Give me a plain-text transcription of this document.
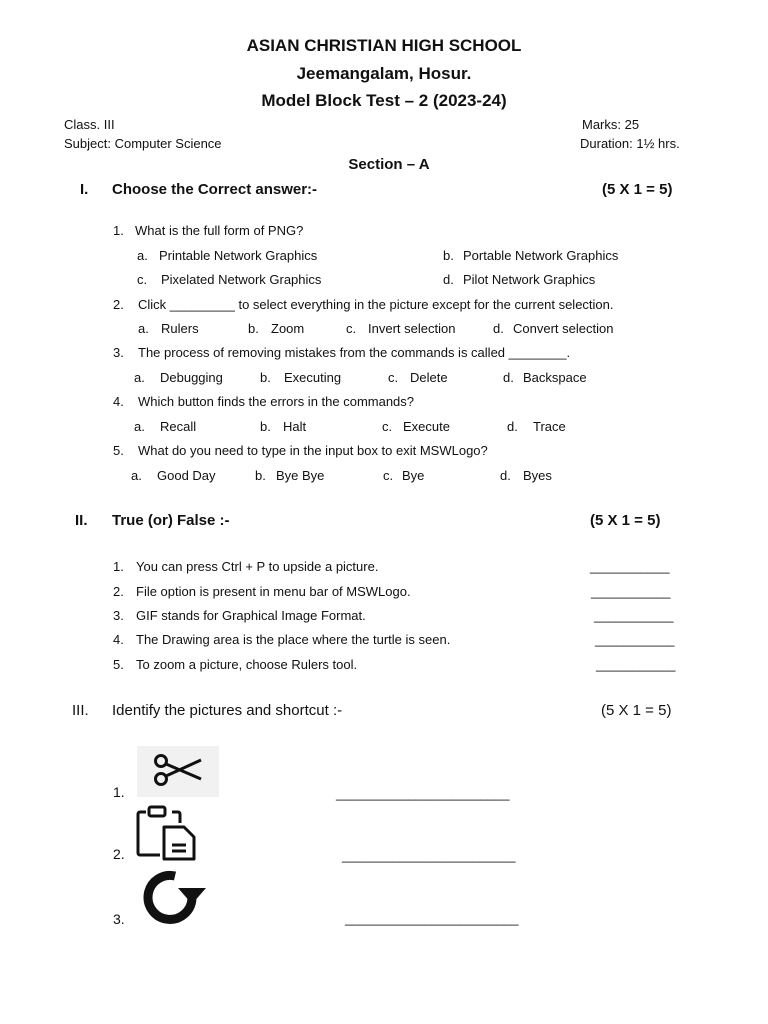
ASIAN CHRISTIAN HIGH SCHOOL
Jeemangalam, Hosur.
Model Block Test – 2 (2023-24)
Class. III	Marks: 25
Subject: Computer Science	Duration: 1½ hrs.
Section – A
I. Choose the Correct answer:-	(5 X 1 = 5)
1. What is the full form of PNG?
a. Printable Network Graphics	b. Portable Network Graphics
c. Pixelated Network Graphics	d. Pilot Network Graphics
2. Click _________ to select everything in the picture except for the current selection.
a. Rulers	b. Zoom	c. Invert selection	d. Convert selection
3. The process of removing mistakes from the commands is called ________.
a. Debugging	b. Executing	c. Delete	d. Backspace
4. Which button finds the errors in the commands?
a. Recall	b. Halt	c. Execute	d. Trace
5. What do you need to type in the input box to exit MSWLogo?
a. Good Day	b. Bye Bye	c. Bye	d. Byes
II. True (or) False :-	(5 X 1 = 5)
1. You can press Ctrl + P to upside a picture.	___________
2. File option is present in menu bar of MSWLogo.	___________
3. GIF stands for Graphical Image Format.	___________
4. The Drawing area is the place where the turtle is seen.	___________
5. To zoom a picture, choose Rulers tool.	___________
III. Identify the pictures and shortcut :-	(5 X 1 = 5)
1.	________________________
2.	________________________
3.	________________________
